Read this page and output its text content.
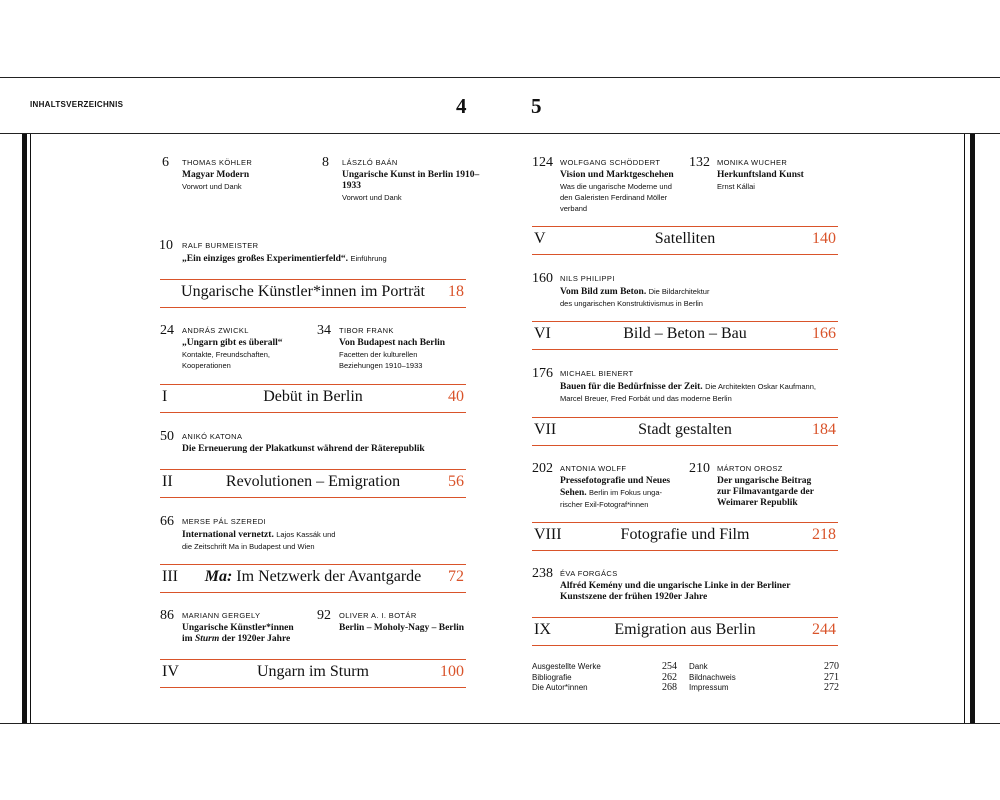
INHALTSVERZEICHNIS	4	5
6 THOMAS KÖHLER
Magyar Modern
Vorwort und Dank
8 LÁSZLÓ BAÁN
Ungarische Kunst in Berlin 1910–1933
Vorwort und Dank
10 RALF BURMEISTER
„Ein einziges großes Experimentierfeld“. Einführung
Ungarische Künstler*innen im Porträt	18
24 ANDRÁS ZWICKL
„Ungarn gibt es überall“
Kontakte, Freundschaften,
Kooperationen
34 TIBOR FRANK
Von Budapest nach Berlin
Facetten der kulturellen
Beziehungen 1910–1933
I	Debüt in Berlin	40
50 ANIKÓ KATONA
Die Erneuerung der Plakatkunst während der Räterepublik
II	Revolutionen – Emigration	56
66 MERSE PÁL SZEREDI
International vernetzt. Lajos Kassák und
die Zeitschrift Ma in Budapest und Wien
III	Ma: Im Netzwerk der Avantgarde	72
86 MARIANN GERGELY
Ungarische Künstler*innen
im Sturm der 1920er Jahre
92 OLIVER A. I. BOTÁR
Berlin – Moholy-Nagy – Berlin
IV	Ungarn im Sturm	100
124 WOLFGANG SCHÖDDERT
Vision und Marktgeschehen
Was die ungarische Moderne und
den Galeristen Ferdinand Möller
verband
132 MONIKA WUCHER
Herkunftsland Kunst
Ernst Kállai
V	Satelliten	140
160 NILS PHILIPPI
Vom Bild zum Beton. Die Bildarchitektur
des ungarischen Konstruktivismus in Berlin
VI	Bild – Beton – Bau	166
176 MICHAEL BIENERT
Bauen für die Bedürfnisse der Zeit. Die Architekten Oskar Kaufmann,
Marcel Breuer, Fred Forbát und das moderne Berlin
VII	Stadt gestalten	184
202 ANTONIA WOLFF
Pressefotografie und Neues
Sehen. Berlin im Fokus unga-
rischer Exil-Fotograf*innen
210 MÁRTON OROSZ
Der ungarische Beitrag
zur Filmavantgarde der
Weimarer Republik
VIII	Fotografie und Film	218
238 ÉVA FORGÁCS
Alfréd Kemény und die ungarische Linke in der Berliner
Kunstszene der frühen 1920er Jahre
IX	Emigration aus Berlin	244
Ausgestellte Werke	254
Bibliografie	262
Die Autor*innen	268
Dank	270
Bildnachweis	271
Impressum	272
